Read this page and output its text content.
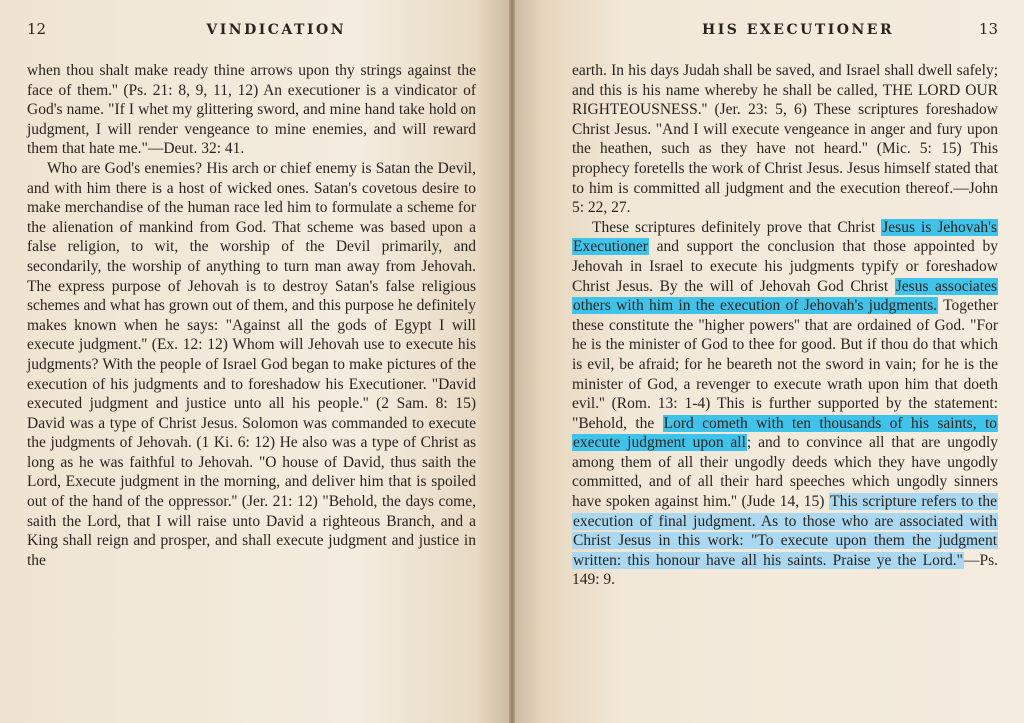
12	VINDICATION

when thou shalt make ready thine arrows upon thy strings against the face of them.'' (Ps. 21: 8, 9, 11, 12) An executioner is a vindicator of God's name. "If I whet my glittering sword, and mine hand take hold on judgment, I will render vengeance to mine enemies, and will reward them that hate me."—Deut. 32: 41.

Who are God's enemies? His arch or chief enemy is Satan the Devil, and with him there is a host of wicked ones. Satan's covetous desire to make merchandise of the human race led him to formulate a scheme for the alienation of mankind from God. That scheme was based upon a false religion, to wit, the worship of the Devil primarily, and secondarily, the worship of anything to turn man away from Jehovah. The express purpose of Jehovah is to destroy Satan's false religious schemes and what has grown out of them, and this purpose he definitely makes known when he says: "Against all the gods of Egypt I will execute judgment.'' (Ex. 12: 12) Whom will Jehovah use to execute his judgments? With the people of Israel God began to make pictures of the execution of his judgments and to foreshadow his Executioner. "David executed judgment and justice unto all his people.'' (2 Sam. 8: 15) David was a type of Christ Jesus. Solomon was commanded to execute the judgments of Jehovah. (1 Ki. 6: 12) He also was a type of Christ as long as he was faithful to Jehovah. "O house of David, thus saith the Lord, Execute judgment in the morning, and deliver him that is spoiled out of the hand of the oppressor.'' (Jer. 21: 12) "Behold, the days come, saith the Lord, that I will raise unto David a righteous Branch, and a King shall reign and prosper, and shall execute judgment and justice in the

HIS EXECUTIONER	13

earth. In his days Judah shall be saved, and Israel shall dwell safely; and this is his name whereby he shall be called, THE LORD OUR RIGHTEOUSNESS.'' (Jer. 23: 5, 6) These scriptures foreshadow Christ Jesus. "And I will execute vengeance in anger and fury upon the heathen, such as they have not heard.'' (Mic. 5: 15) This prophecy foretells the work of Christ Jesus. Jesus himself stated that to him is committed all judgment and the execution thereof.—John 5: 22, 27.

These scriptures definitely prove that Christ Jesus is Jehovah's Executioner and support the conclusion that those appointed by Jehovah in Israel to execute his judgments typify or foreshadow Christ Jesus. By the will of Jehovah God Christ Jesus associates others with him in the execution of Jehovah's judgments. Together these constitute the "higher powers'' that are ordained of God. "For he is the minister of God to thee for good. But if thou do that which is evil, be afraid; for he beareth not the sword in vain; for he is the minister of God, a revenger to execute wrath upon him that doeth evil.'' (Rom. 13: 1-4) This is further supported by the statement: "Behold, the Lord cometh with ten thousands of his saints, to execute judgment upon all; and to convince all that are ungodly among them of all their ungodly deeds which they have ungodly committed, and of all their hard speeches which ungodly sinners have spoken against him.'' (Jude 14, 15) This scripture refers to the execution of final judgment. As to those who are associated with Christ Jesus in this work: "To execute upon them the judgment written: this honour have all his saints. Praise ye the Lord."—Ps. 149: 9.
